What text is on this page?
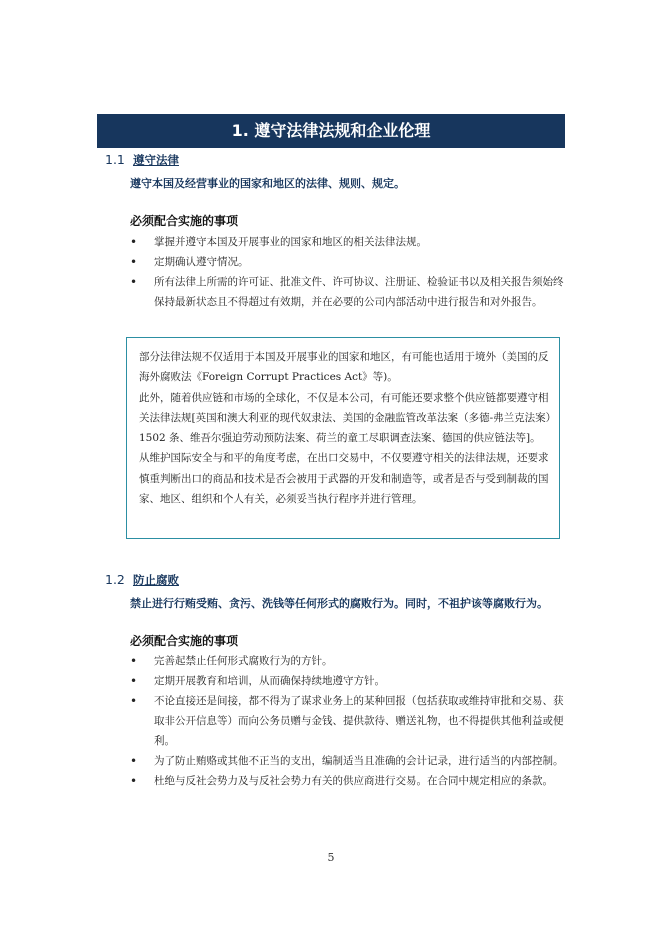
1. 遵守法律法规和企业伦理
1.1 遵守法律
遵守本国及经营事业的国家和地区的法律、规则、规定。
必须配合实施的事项
• 掌握并遵守本国及开展事业的国家和地区的相关法律法规。
• 定期确认遵守情况。
• 所有法律上所需的许可证、批准文件、许可协议、注册证、检验证书以及相关报告须始终保持最新状态且不得超过有效期，并在必要的公司内部活动中进行报告和对外报告。

部分法律法规不仅适用于本国及开展事业的国家和地区，有可能也适用于境外（美国的反海外腐败法《Foreign Corrupt Practices Act》等)。

此外，随着供应链和市场的全球化，不仅是本公司，有可能还要求整个供应链都要遵守相关法律法规[英国和澳大利亚的现代奴隶法、美国的金融监管改革法案（多德-弗兰克法案）1502 条、维吾尔强迫劳动预防法案、荷兰的童工尽职调查法案、德国的供应链法等]。

从维护国际安全与和平的角度考虑，在出口交易中，不仅要遵守相关的法律法规，还要求慎重判断出口的商品和技术是否会被用于武器的开发和制造等，或者是否与受到制裁的国家、地区、组织和个人有关，必须妥当执行程序并进行管理。

1.2 防止腐败
禁止进行行贿受贿、贪污、洗钱等任何形式的腐败行为。同时，不祖护该等腐败行为。
必须配合实施的事项
• 完善起禁止任何形式腐败行为的方针。
• 定期开展教育和培训，从而确保持续地遵守方针。
• 不论直接还是间接，都不得为了谋求业务上的某种回报（包括获取或维持审批和交易、获取非公开信息等）而向公务员赠与金钱、提供款待、赠送礼物，也不得提供其他利益或便利。
• 为了防止贿赂或其他不正当的支出，编制适当且准确的会计记录，进行适当的内部控制。
• 杜绝与反社会势力及与反社会势力有关的供应商进行交易。在合同中规定相应的条款。
5
